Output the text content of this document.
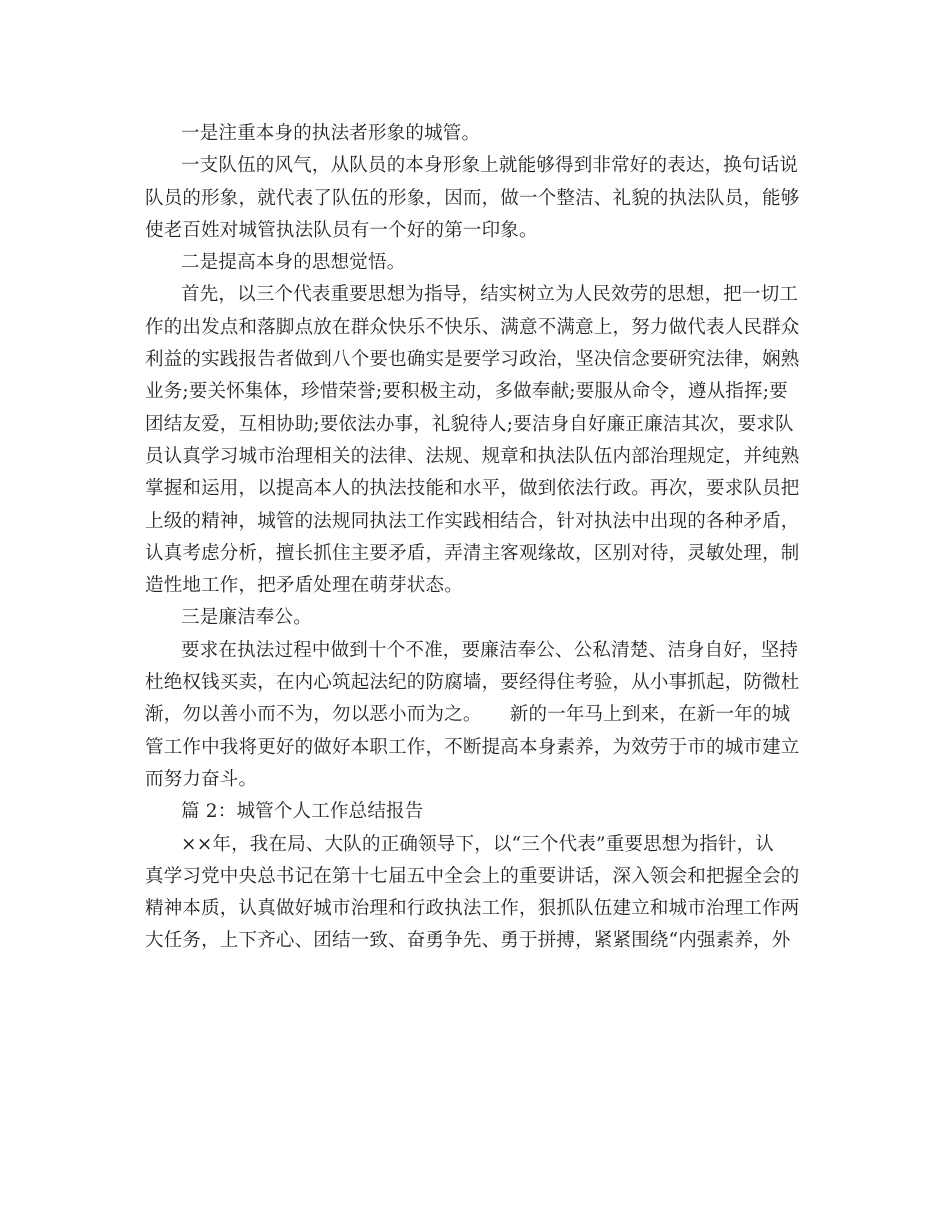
一是注重本身的执法者形象的城管。
一支队伍的风气，从队员的本身形象上就能够得到非常好的表达，换句话说
队员的形象，就代表了队伍的形象，因而，做一个整洁、礼貌的执法队员，能够
使老百姓对城管执法队员有一个好的第一印象。
二是提高本身的思想觉悟。
首先，以三个代表重要思想为指导，结实树立为人民效劳的思想，把一切工
作的出发点和落脚点放在群众快乐不快乐、满意不满意上，努力做代表人民群众
利益的实践报告者做到八个要也确实是要学习政治，坚决信念要研究法律，娴熟
业务;要关怀集体，珍惜荣誉;要积极主动，多做奉献;要服从命令，遵从指挥;要
团结友爱，互相协助;要依法办事，礼貌待人;要洁身自好廉正廉洁其次，要求队
员认真学习城市治理相关的法律、法规、规章和执法队伍内部治理规定，并纯熟
掌握和运用，以提高本人的执法技能和水平，做到依法行政。再次，要求队员把
上级的精神，城管的法规同执法工作实践相结合，针对执法中出现的各种矛盾，
认真考虑分析，擅长抓住主要矛盾，弄清主客观缘故，区别对待，灵敏处理，制
造性地工作，把矛盾处理在萌芽状态。
三是廉洁奉公。
要求在执法过程中做到十个不准，要廉洁奉公、公私清楚、洁身自好，坚持
杜绝权钱买卖，在内心筑起法纪的防腐墙，要经得住考验，从小事抓起，防微杜
渐，勿以善小而不为，勿以恶小而为之。　　新的一年马上到来，在新一年的城
管工作中我将更好的做好本职工作，不断提高本身素养，为效劳于市的城市建立
而努力奋斗。
篇 2：城管个人工作总结报告
××年，我在局、大队的正确领导下，以“三个代表”重要思想为指针，认
真学习党中央总书记在第十七届五中全会上的重要讲话，深入领会和把握全会的
精神本质，认真做好城市治理和行政执法工作，狠抓队伍建立和城市治理工作两
大任务，上下齐心、团结一致、奋勇争先、勇于拼搏，紧紧围绕“内强素养，外
